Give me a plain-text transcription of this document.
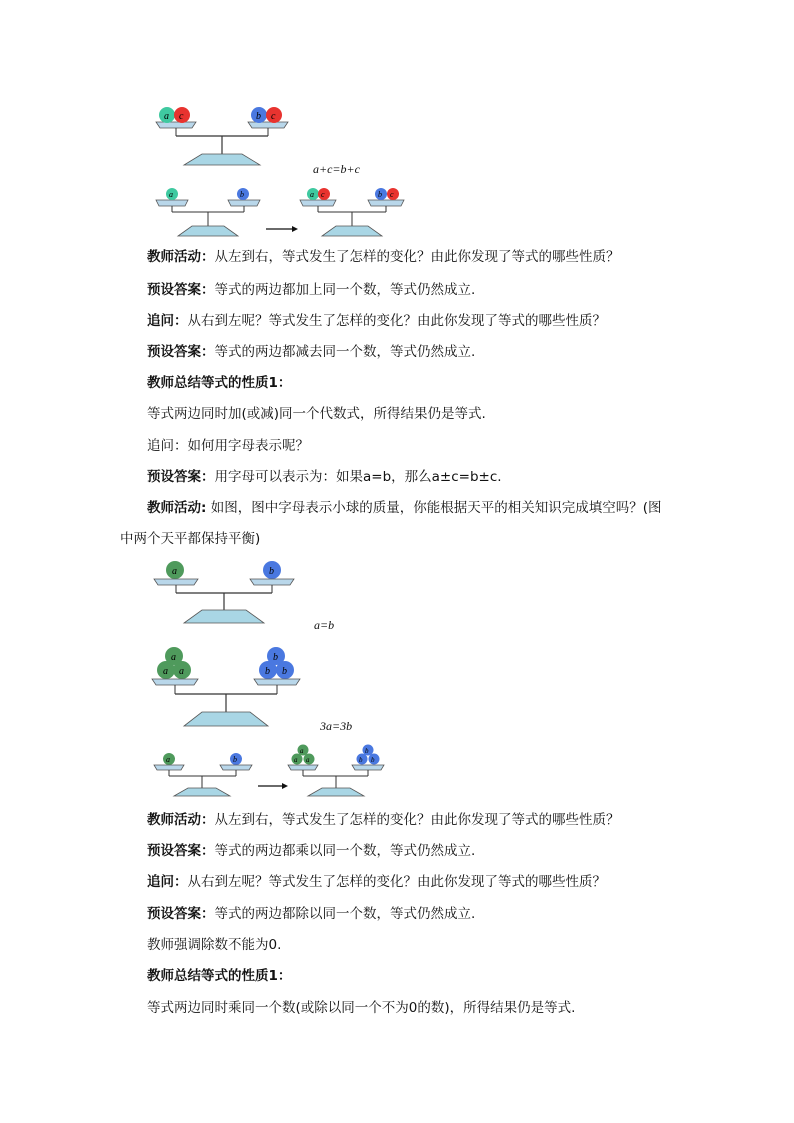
a c	b c
a	b	a c	b c
a+c=b+c
教师活动：从左到右，等式发生了怎样的变化？由此你发现了等式的哪些性质？
预设答案：等式的两边都加上同一个数，等式仍然成立.
追问：从右到左呢？等式发生了怎样的变化？由此你发现了等式的哪些性质？
预设答案：等式的两边都减去同一个数，等式仍然成立.
教师总结等式的性质1：
等式两边同时加(或减)同一个代数式，所得结果仍是等式.
追问：如何用字母表示呢？
预设答案：用字母可以表示为：如果a=b，那么a±c=b±c.
教师活动: 如图，图中字母表示小球的质量，你能根据天平的相关知识完成填空吗？(图
中两个天平都保持平衡)
a	b
a
a a
b
b b
a	b
a
a a
b
b b
a=b
3a=3b
教师活动：从左到右，等式发生了怎样的变化？由此你发现了等式的哪些性质？
预设答案：等式的两边都乘以同一个数，等式仍然成立.
追问：从右到左呢？等式发生了怎样的变化？由此你发现了等式的哪些性质？
预设答案：等式的两边都除以同一个数，等式仍然成立.
教师强调除数不能为0.
教师总结等式的性质1：
等式两边同时乘同一个数(或除以同一个不为0的数)，所得结果仍是等式.
